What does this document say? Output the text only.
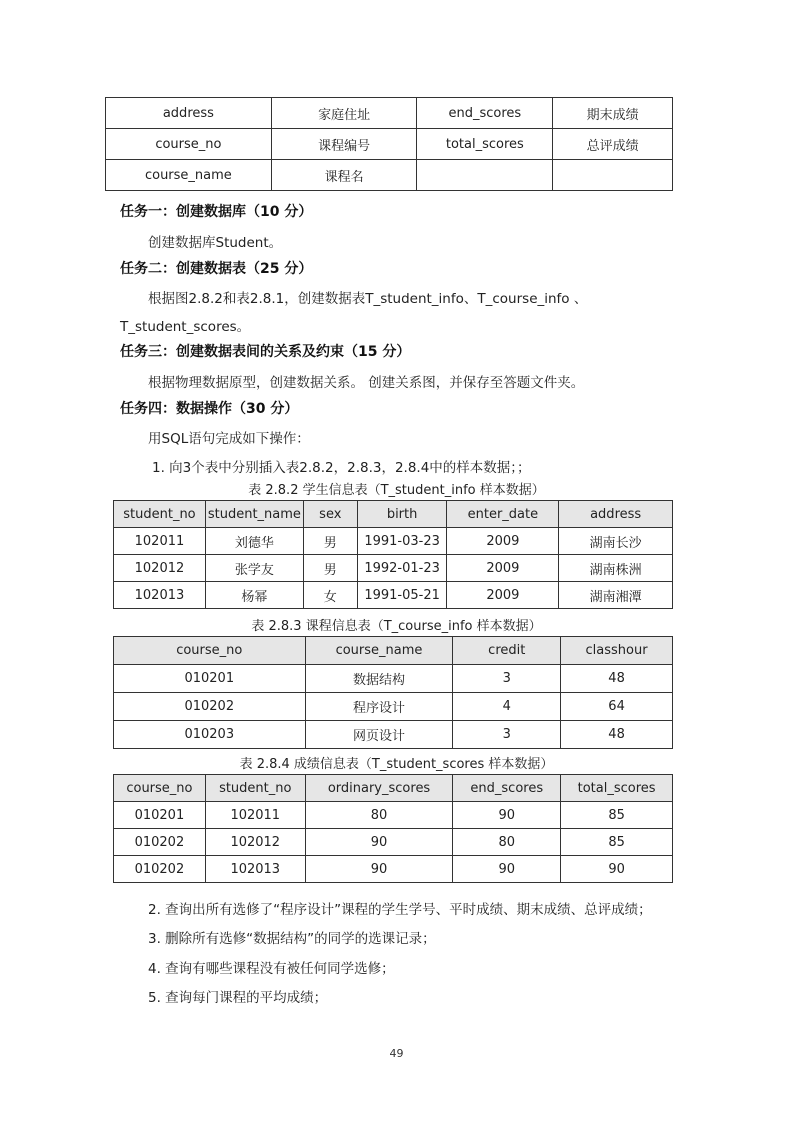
address	家庭住址	end_scores	期末成绩
course_no	课程编号	total_scores	总评成绩
course_name	课程名		
任务一：创建数据库（10 分）
创建数据库Student。
任务二：创建数据表（25 分）
根据图2.8.2和表2.8.1，创建数据表T_student_info、T_course_info 、
T_student_scores。
任务三：创建数据表间的关系及约束（15 分）
根据物理数据原型，创建数据关系。 创建关系图，并保存至答题文件夹。
任务四：数据操作（30 分）
用SQL语句完成如下操作：
1. 向3个表中分别插入表2.8.2，2.8.3，2.8.4中的样本数据；；
表 2.8.2 学生信息表（T_student_info 样本数据）
student_no	student_name	sex	birth	enter_date	address
102011	刘德华	男	1991-03-23	2009	湖南长沙
102012	张学友	男	1992-01-23	2009	湖南株洲
102013	杨幂	女	1991-05-21	2009	湖南湘潭
表 2.8.3 课程信息表（T_course_info 样本数据）
course_no	course_name	credit	classhour
010201	数据结构	3	48
010202	程序设计	4	64
010203	网页设计	3	48
表 2.8.4 成绩信息表（T_student_scores 样本数据）
course_no	student_no	ordinary_scores	end_scores	total_scores
010201	102011	80	90	85
010202	102012	90	80	85
010202	102013	90	90	90
2. 查询出所有选修了“程序设计”课程的学生学号、平时成绩、期末成绩、总评成绩；
3. 删除所有选修“数据结构”的同学的选课记录；
4. 查询有哪些课程没有被任何同学选修；
5. 查询每门课程的平均成绩；
49
